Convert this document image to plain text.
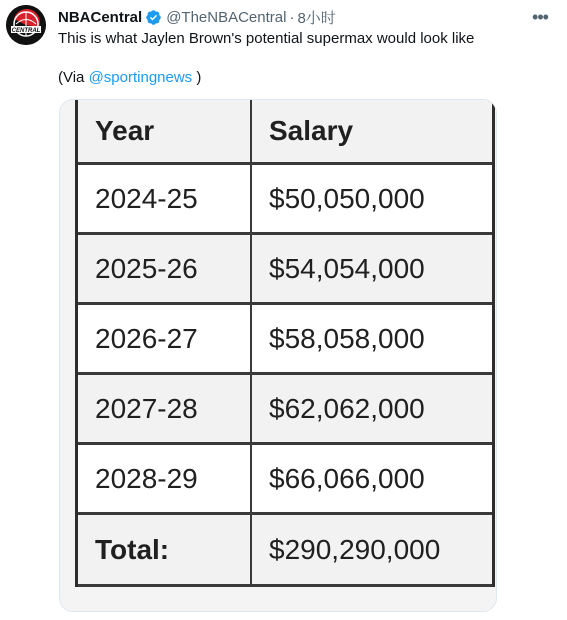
CENTRAL
NBACentral @TheNBACentral · 8小时	•••
This is what Jaylen Brown's potential supermax would look like
(Via @sportingnews )
Year	Salary
2024-25	$50,050,000
2025-26	$54,054,000
2026-27	$58,058,000
2027-28	$62,062,000
2028-29	$66,066,000
Total:	$290,290,000
